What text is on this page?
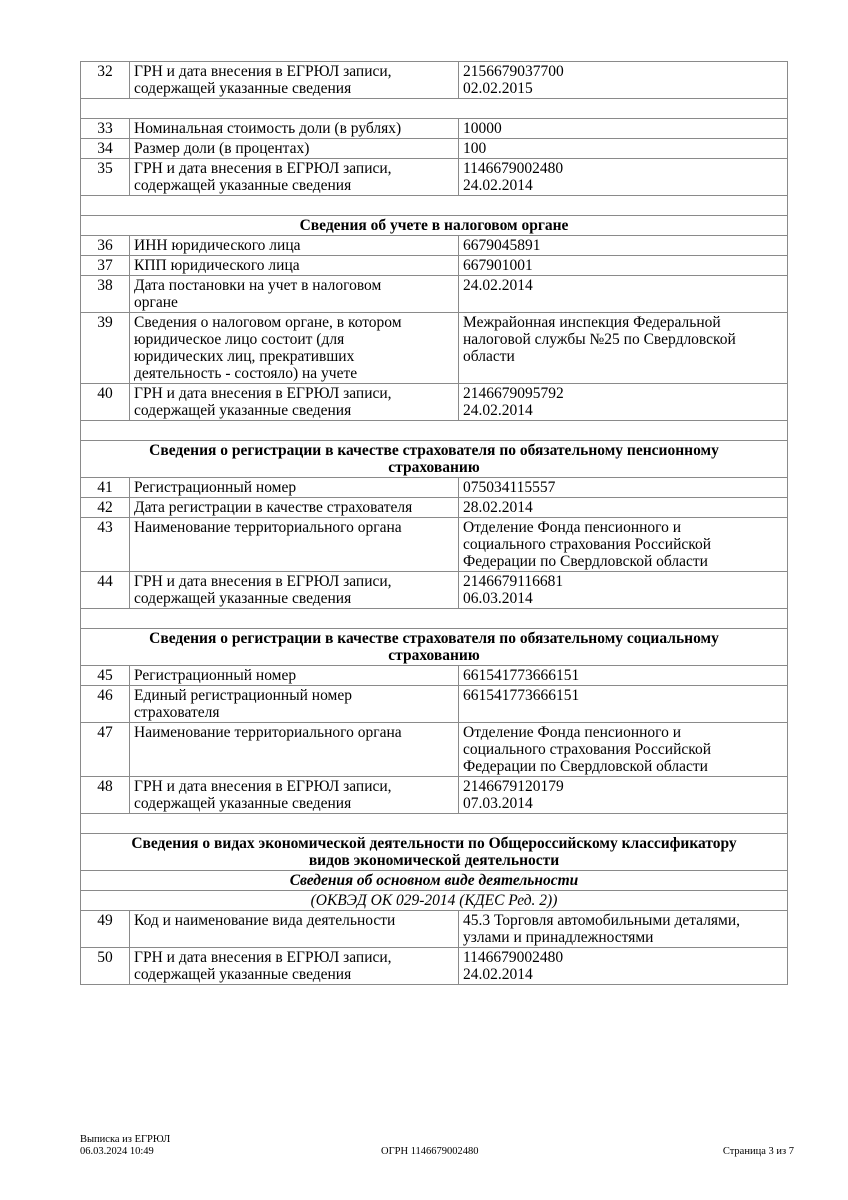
32	ГРН и дата внесения в ЕГРЮЛ записи,
содержащей указанные сведения	2156679037700
02.02.2015

33	Номинальная стоимость доли (в рублях)	10000

34	Размер доли (в процентах)	100

35	ГРН и дата внесения в ЕГРЮЛ записи,
содержащей указанные сведения	1146679002480
24.02.2014

Сведения об учете в налоговом органе		

36	ИНН юридического лица	6679045891

37	КПП юридического лица	667901001

38	Дата постановки на учет в налоговом
органе	24.02.2014

39	Сведения о налоговом органе, в котором
юридическое лицо состоит (для
юридических лиц, прекративших
деятельность - состояло) на учете	Межрайонная инспекция Федеральной
налоговой службы №25 по Свердловской
области

40	ГРН и дата внесения в ЕГРЮЛ записи,
содержащей указанные сведения	2146679095792
24.02.2014

Сведения о регистрации в качестве страхователя по обязательному пенсионному
страхованию		

41	Регистрационный номер	075034115557

42	Дата регистрации в качестве страхователя	28.02.2014

43	Наименование территориального органа	Отделение Фонда пенсионного и
социального страхования Российской
Федерации по Свердловской области

44	ГРН и дата внесения в ЕГРЮЛ записи,
содержащей указанные сведения	2146679116681
06.03.2014

Сведения о регистрации в качестве страхователя по обязательному социальному
страхованию		

45	Регистрационный номер	661541773666151

46	Единый регистрационный номер
страхователя	661541773666151

47	Наименование территориального органа	Отделение Фонда пенсионного и
социального страхования Российской
Федерации по Свердловской области

48	ГРН и дата внесения в ЕГРЮЛ записи,
содержащей указанные сведения	2146679120179
07.03.2014

Сведения о видах экономической деятельности по Общероссийскому классификатору
видов экономической деятельности		

Сведения об основном виде деятельности		

(ОКВЭД ОК 029-2014 (КДЕС Ред. 2))		

49	Код и наименование вида деятельности	45.3 Торговля автомобильными деталями,
узлами и принадлежностями

50	ГРН и дата внесения в ЕГРЮЛ записи,
содержащей указанные сведения	1146679002480
24.02.2014
Выписка из ЕГРЮЛ
06.03.2024 10:49	ОГРН 1146679002480	Страница 3 из 7
